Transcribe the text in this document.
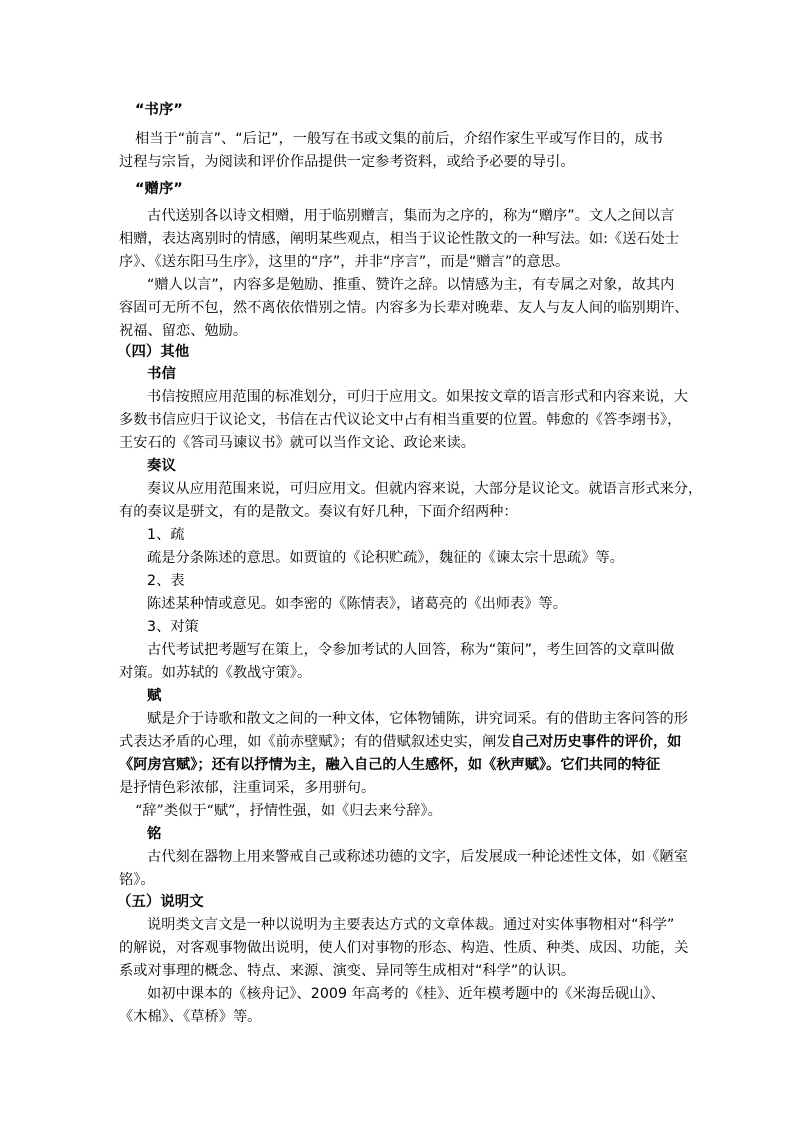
“书序”
相当于“前言”、“后记”，一般写在书或文集的前后，介绍作家生平或写作目的，成书
过程与宗旨，为阅读和评价作品提供一定参考资料，或给予必要的导引。
“赠序”
古代送别各以诗文相赠，用于临别赠言，集而为之序的，称为“赠序”。文人之间以言
相赠，表达离别时的情感，阐明某些观点，相当于议论性散文的一种写法。如:《送石处士
序》、《送东阳马生序》，这里的“序”，并非“序言”，而是“赠言”的意思。
“赠人以言”，内容多是勉励、推重、赞许之辞。以情感为主，有专属之对象，故其内
容固可无所不包，然不离依依惜别之情。内容多为长辈对晚辈、友人与友人间的临别期许、
祝福、留恋、勉励。
（四）其他
书信
书信按照应用范围的标准划分，可归于应用文。如果按文章的语言形式和内容来说，大
多数书信应归于议论文，书信在古代议论文中占有相当重要的位置。韩愈的《答李翊书》，
王安石的《答司马谏议书》就可以当作文论、政论来读。
奏议
奏议从应用范围来说，可归应用文。但就内容来说，大部分是议论文。就语言形式来分，
有的奏议是骈文，有的是散文。奏议有好几种，下面介绍两种：
1、疏
疏是分条陈述的意思。如贾谊的《论积贮疏》，魏征的《谏太宗十思疏》等。
2、表
陈述某种情或意见。如李密的《陈情表》，诸葛亮的《出师表》等。
3、对策
古代考试把考题写在策上，令参加考试的人回答，称为“策问”，考生回答的文章叫做
对策。如苏轼的《教战守策》。
赋
赋是介于诗歌和散文之间的一种文体，它体物铺陈，讲究词采。有的借助主客问答的形
式表达矛盾的心理，如《前赤壁赋》；有的借赋叙述史实，阐发自己对历史事件的评价，如
《阿房宫赋》；还有以抒情为主，融入自己的人生感怀，如《秋声赋》。它们共同的特征
是抒情色彩浓郁，注重词采，多用骈句。
“辞”类似于“赋”，抒情性强，如《归去来兮辞》。
铭
古代刻在器物上用来警戒自己或称述功德的文字，后发展成一种论述性文体，如《陋室
铭》。
（五）说明文
说明类文言文是一种以说明为主要表达方式的文章体裁。通过对实体事物相对“科学”
的解说，对客观事物做出说明，使人们对事物的形态、构造、性质、种类、成因、功能，关
系或对事理的概念、特点、来源、演变、异同等生成相对“科学”的认识。
如初中课本的《核舟记》、2009 年高考的《桂》、近年模考题中的《米海岳砚山》、
《木棉》、《草桥》等。
